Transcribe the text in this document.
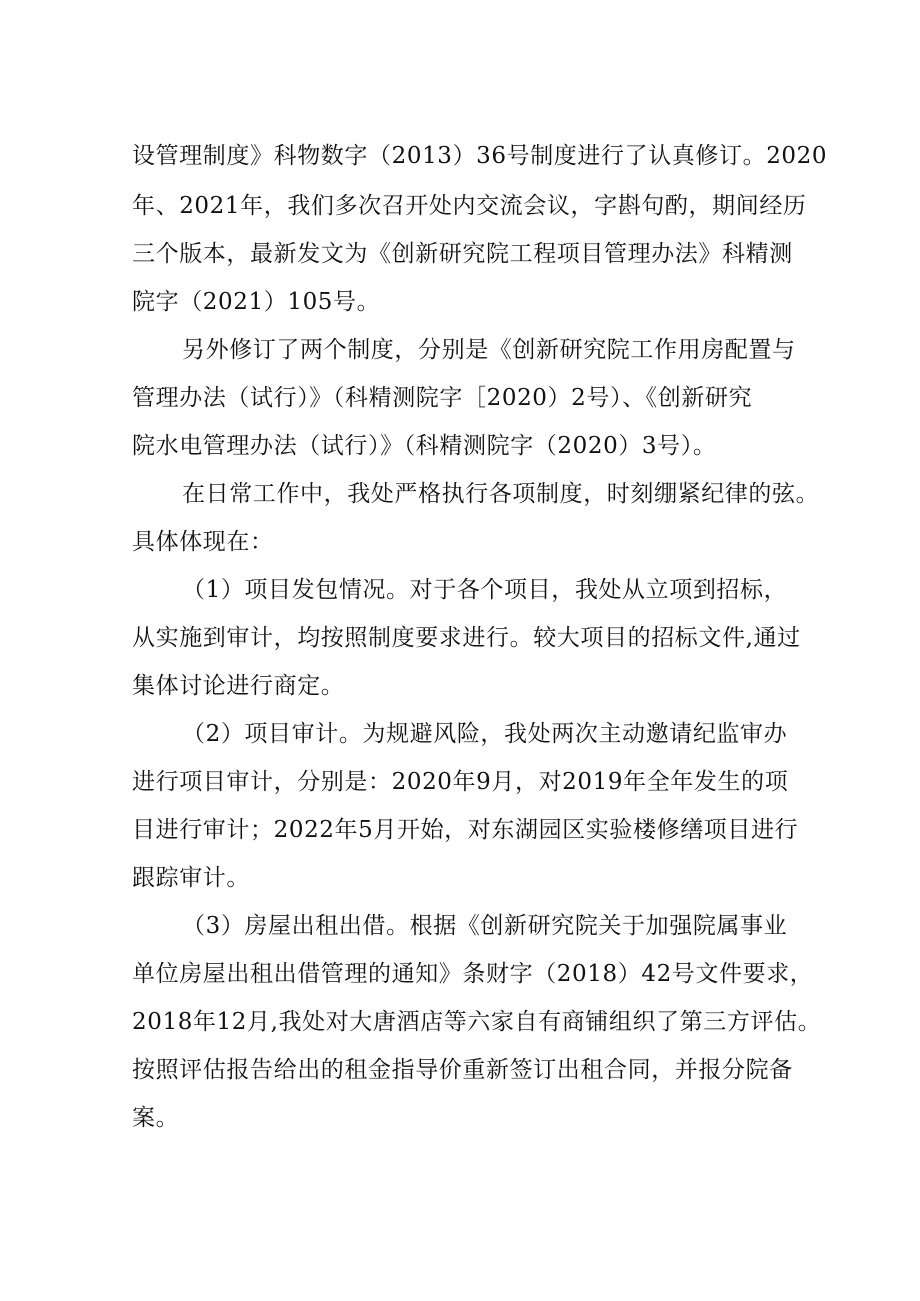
设管理制度》科物数字（2013）36号制度进行了认真修订。2020
年、2021年，我们多次召开处内交流会议，字斟句酌，期间经历
三个版本，最新发文为《创新研究院工程项目管理办法》科精测
院字（2021）105号。
另外修订了两个制度，分别是《创新研究院工作用房配置与
管理办法（试行）》（科精测院字［2020）2号）、《创新研究
院水电管理办法（试行）》（科精测院字（2020）3号）。
在日常工作中，我处严格执行各项制度，时刻绷紧纪律的弦。
具体体现在：
（1）项目发包情况。对于各个项目，我处从立项到招标，
从实施到审计，均按照制度要求进行。较大项目的招标文件,通过
集体讨论进行商定。
（2）项目审计。为规避风险，我处两次主动邀请纪监审办
进行项目审计，分别是：2020年9月，对2019年全年发生的项
目进行审计；2022年5月开始，对东湖园区实验楼修缮项目进行
跟踪审计。
（3）房屋出租出借。根据《创新研究院关于加强院属事业
单位房屋出租出借管理的通知》条财字（2018）42号文件要求，
2018年12月,我处对大唐酒店等六家自有商铺组织了第三方评估。
按照评估报告给出的租金指导价重新签订出租合同，并报分院备
案。
